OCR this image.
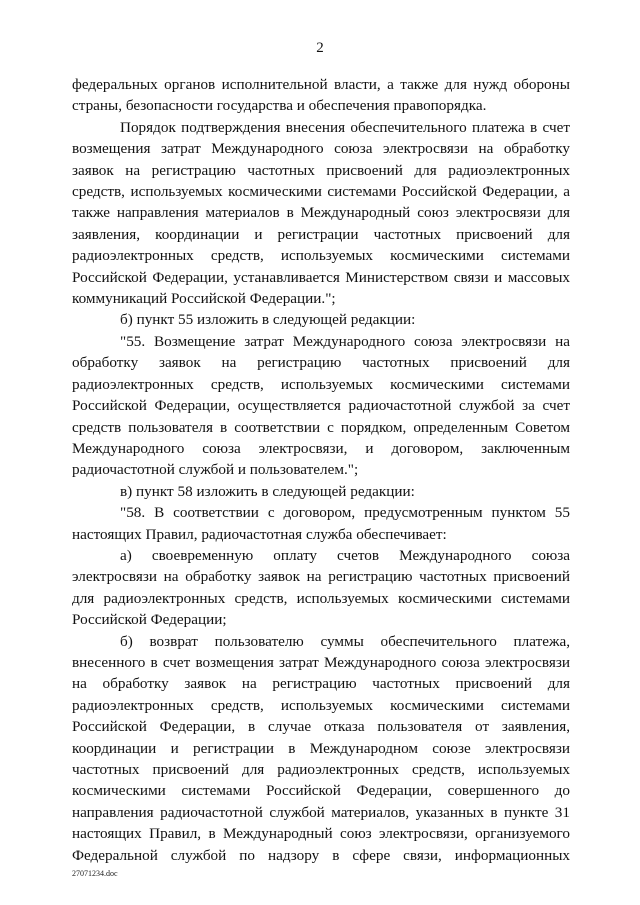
2

федеральных органов исполнительной власти, а также для нужд обороны страны, безопасности государства и обеспечения правопорядка.

Порядок подтверждения внесения обеспечительного платежа в счет возмещения затрат Международного союза электросвязи на обработку заявок на регистрацию частотных присвоений для радиоэлектронных средств, используемых космическими системами Российской Федерации, а также направления материалов в Международный союз электросвязи для заявления, координации и регистрации частотных присвоений для радиоэлектронных средств, используемых космическими системами Российской Федерации, устанавливается Министерством связи и массовых коммуникаций Российской Федерации.";

б) пункт 55 изложить в следующей редакции:

"55. Возмещение затрат Международного союза электросвязи на обработку заявок на регистрацию частотных присвоений для радиоэлектронных средств, используемых космическими системами Российской Федерации, осуществляется радиочастотной службой за счет средств пользователя в соответствии с порядком, определенным Советом Международного союза электросвязи, и договором, заключенным радиочастотной службой и пользователем.";

в) пункт 58 изложить в следующей редакции:

"58. В соответствии с договором, предусмотренным пунктом 55 настоящих Правил, радиочастотная служба обеспечивает:

а) своевременную оплату счетов Международного союза электросвязи на обработку заявок на регистрацию частотных присвоений для радиоэлектронных средств, используемых космическими системами Российской Федерации;

б) возврат пользователю суммы обеспечительного платежа, внесенного в счет возмещения затрат Международного союза электросвязи на обработку заявок на регистрацию частотных присвоений для радиоэлектронных средств, используемых космическими системами Российской Федерации, в случае отказа пользователя от заявления, координации и регистрации в Международном союзе электросвязи частотных присвоений для радиоэлектронных средств, используемых космическими системами Российской Федерации, совершенного до направления радиочастотной службой материалов, указанных в пункте 31 настоящих Правил, в Международный союз электросвязи, организуемого Федеральной службой по надзору в сфере связи, информационных

27071234.doc
